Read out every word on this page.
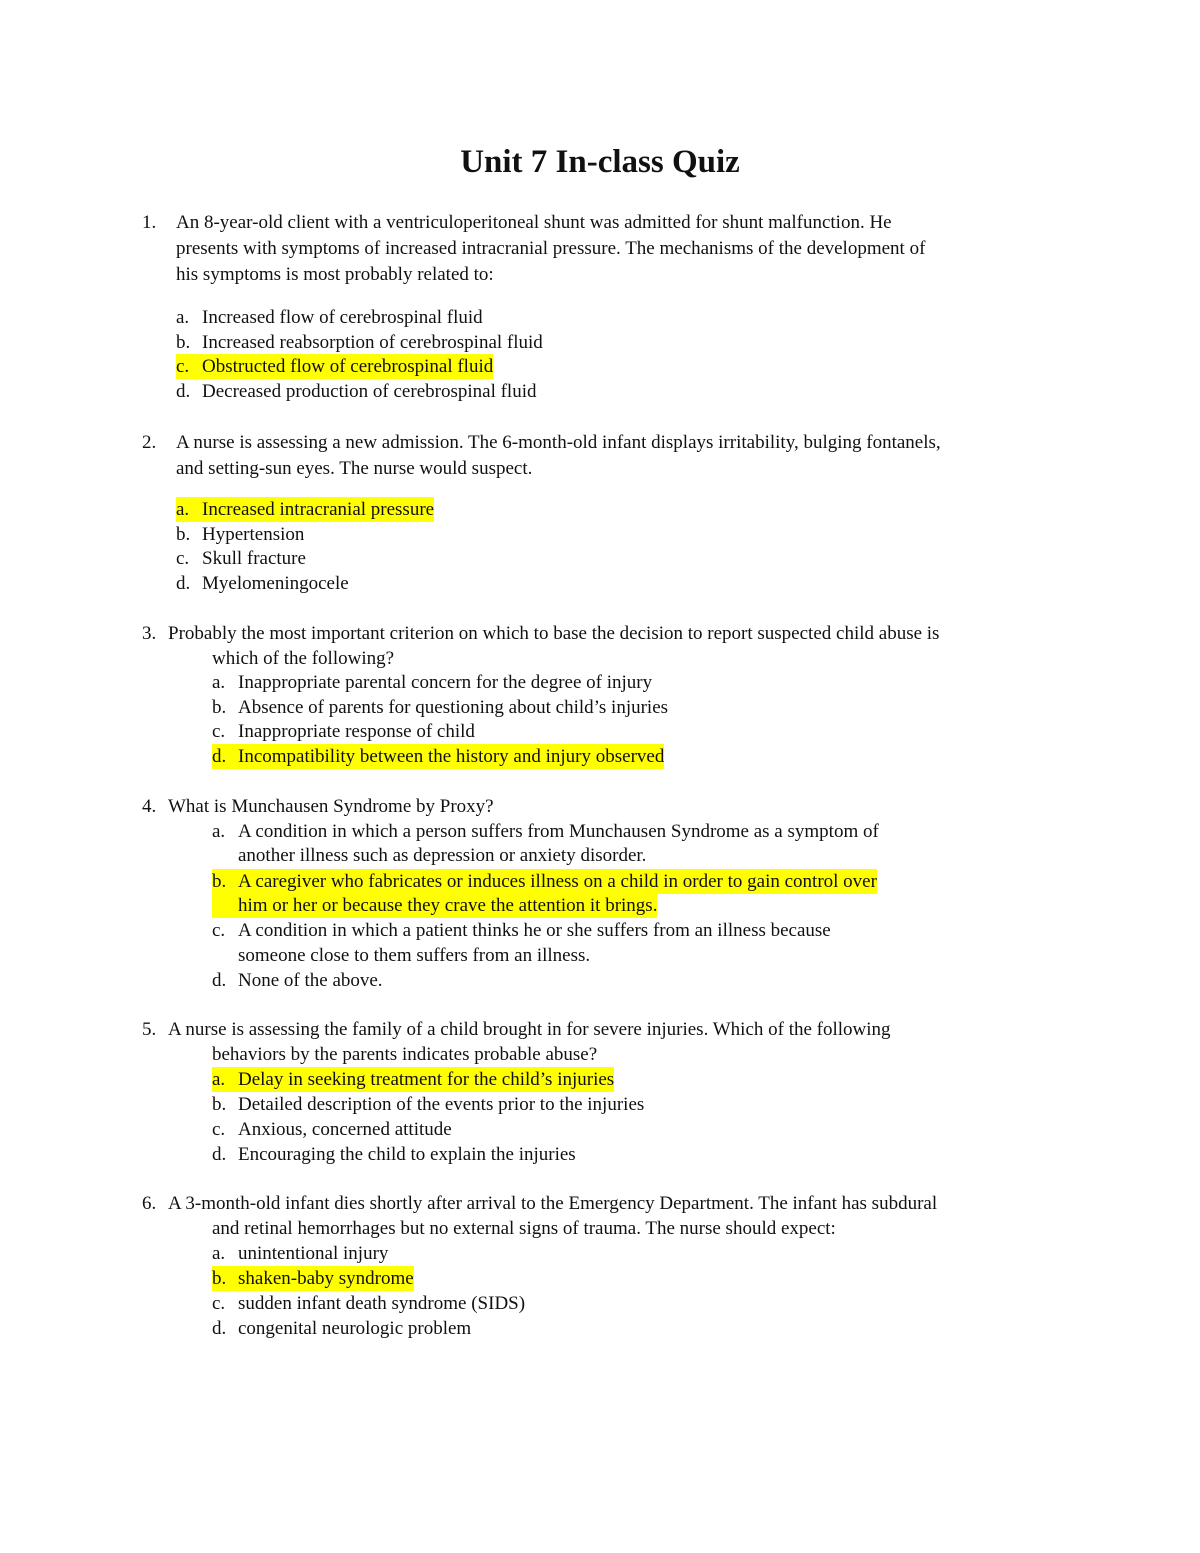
Unit 7 In-class Quiz
1. An 8-year-old client with a ventriculoperitoneal shunt was admitted for shunt malfunction. He
presents with symptoms of increased intracranial pressure. The mechanisms of the development of
his symptoms is most probably related to:
a. Increased flow of cerebrospinal fluid
b. Increased reabsorption of cerebrospinal fluid
c. Obstructed flow of cerebrospinal fluid
d. Decreased production of cerebrospinal fluid
2. A nurse is assessing a new admission. The 6-month-old infant displays irritability, bulging fontanels,
and setting-sun eyes. The nurse would suspect.
a. Increased intracranial pressure
b. Hypertension
c. Skull fracture
d. Myelomeningocele
3. Probably the most important criterion on which to base the decision to report suspected child abuse is
which of the following?
a. Inappropriate parental concern for the degree of injury
b. Absence of parents for questioning about child’s injuries
c. Inappropriate response of child
d. Incompatibility between the history and injury observed
4. What is Munchausen Syndrome by Proxy?
a. A condition in which a person suffers from Munchausen Syndrome as a symptom of
another illness such as depression or anxiety disorder.
b. A caregiver who fabricates or induces illness on a child in order to gain control over
him or her or because they crave the attention it brings.
c. A condition in which a patient thinks he or she suffers from an illness because
someone close to them suffers from an illness.
d. None of the above.
5. A nurse is assessing the family of a child brought in for severe injuries. Which of the following
behaviors by the parents indicates probable abuse?
a. Delay in seeking treatment for the child’s injuries
b. Detailed description of the events prior to the injuries
c. Anxious, concerned attitude
d. Encouraging the child to explain the injuries
6. A 3-month-old infant dies shortly after arrival to the Emergency Department. The infant has subdural
and retinal hemorrhages but no external signs of trauma. The nurse should expect:
a. unintentional injury
b. shaken-baby syndrome
c. sudden infant death syndrome (SIDS)
d. congenital neurologic problem
